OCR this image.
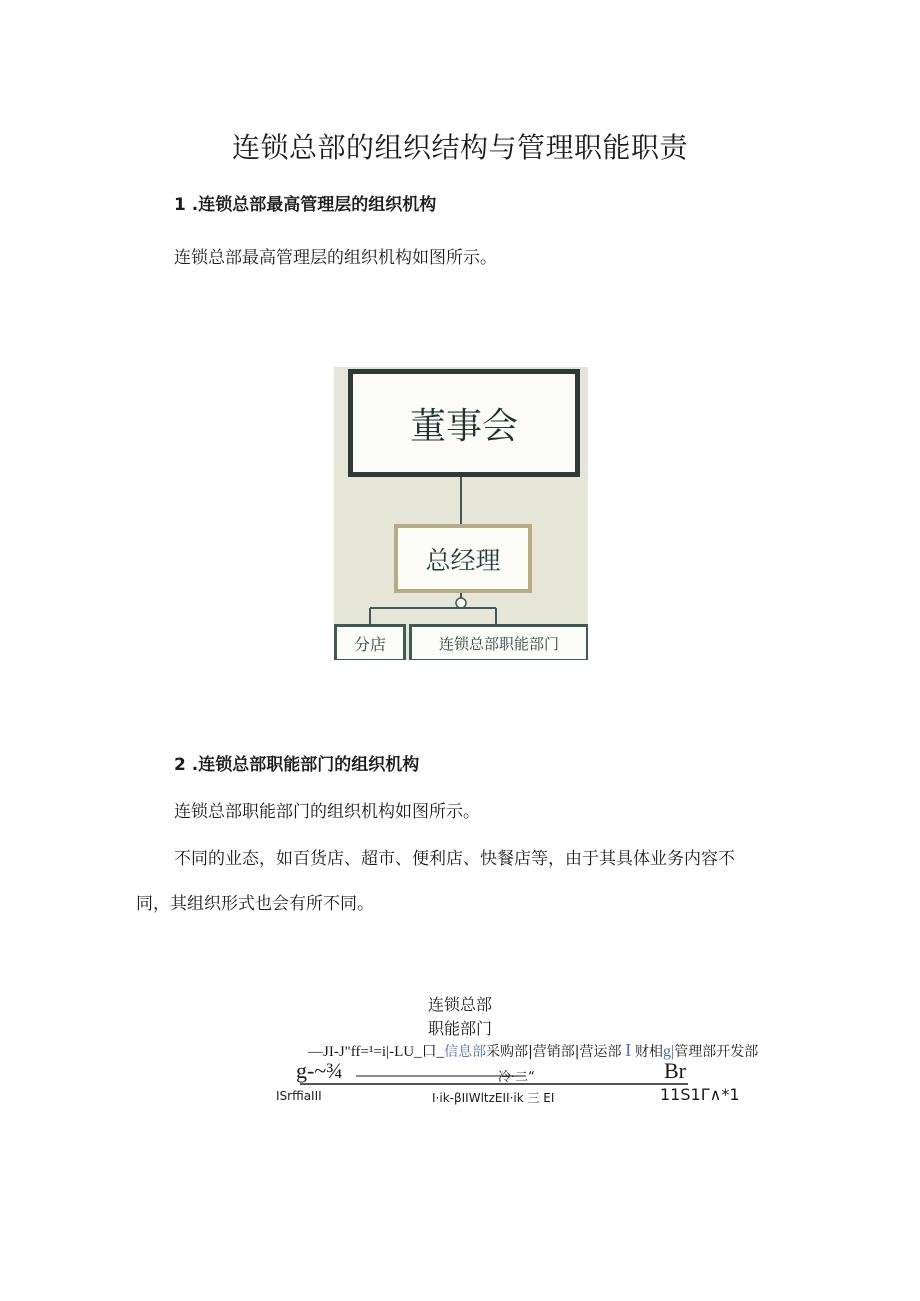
连锁总部的组织结构与管理职能职责
1 .连锁总部最高管理层的组织机构
连锁总部最高管理层的组织机构如图所示。
董事会
总经理
分店	连锁总部职能部门
2 .连锁总部职能部门的组织机构
连锁总部职能部门的组织机构如图所示。
不同的业态，如百货店、超市、便利店、快餐店等，由于其具体业务内容不
同，其组织形式也会有所不同。
连锁总部
职能部门
—JI-J"ff=¹=i|-LU_口_信息部采购部|营销部|营运部 I 财相g|管理部开发部
g-~¾	冷·二“	Br
ISrffiaIII	I·ik-βIIWltzEII·ik 三 EI	11S1Γ∧*1
